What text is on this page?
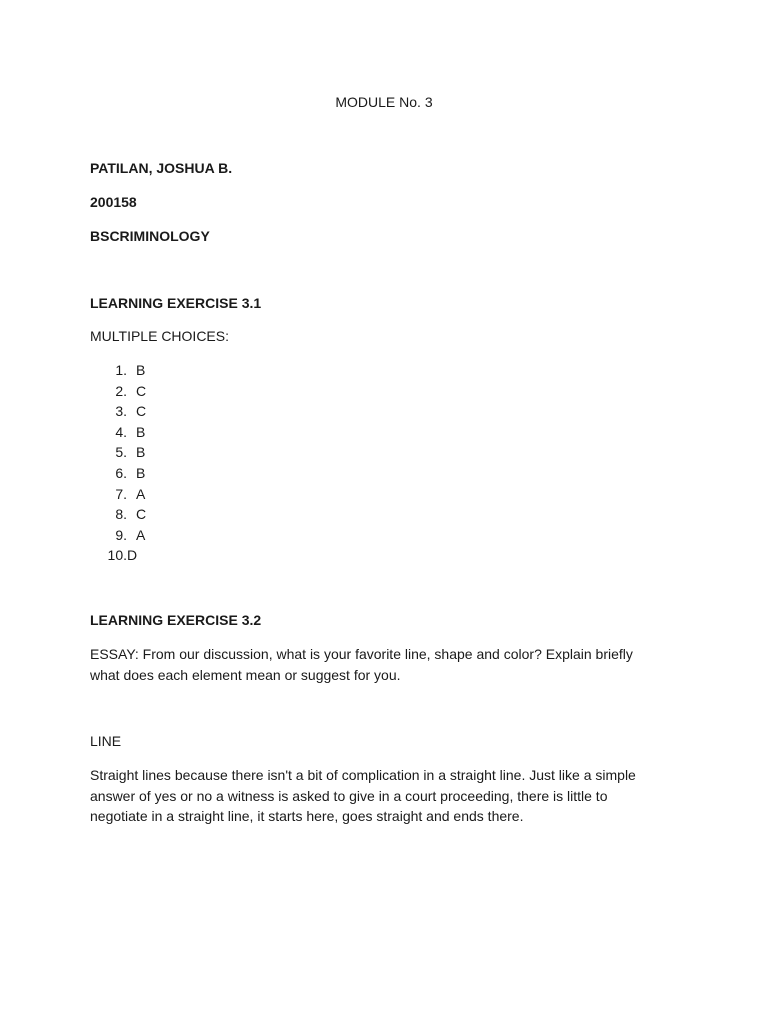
MODULE No. 3
PATILAN, JOSHUA B.
200158
BSCRIMINOLOGY
LEARNING EXERCISE 3.1
MULTIPLE CHOICES:
1. B
2. C
3. C
4. B
5. B
6. B
7. A
8. C
9. A
10.D
LEARNING EXERCISE 3.2
ESSAY: From our discussion, what is your favorite line, shape and color? Explain briefly
what does each element mean or suggest for you.
LINE
Straight lines because there isn't a bit of complication in a straight line. Just like a simple
answer of yes or no a witness is asked to give in a court proceeding, there is little to
negotiate in a straight line, it starts here, goes straight and ends there.
